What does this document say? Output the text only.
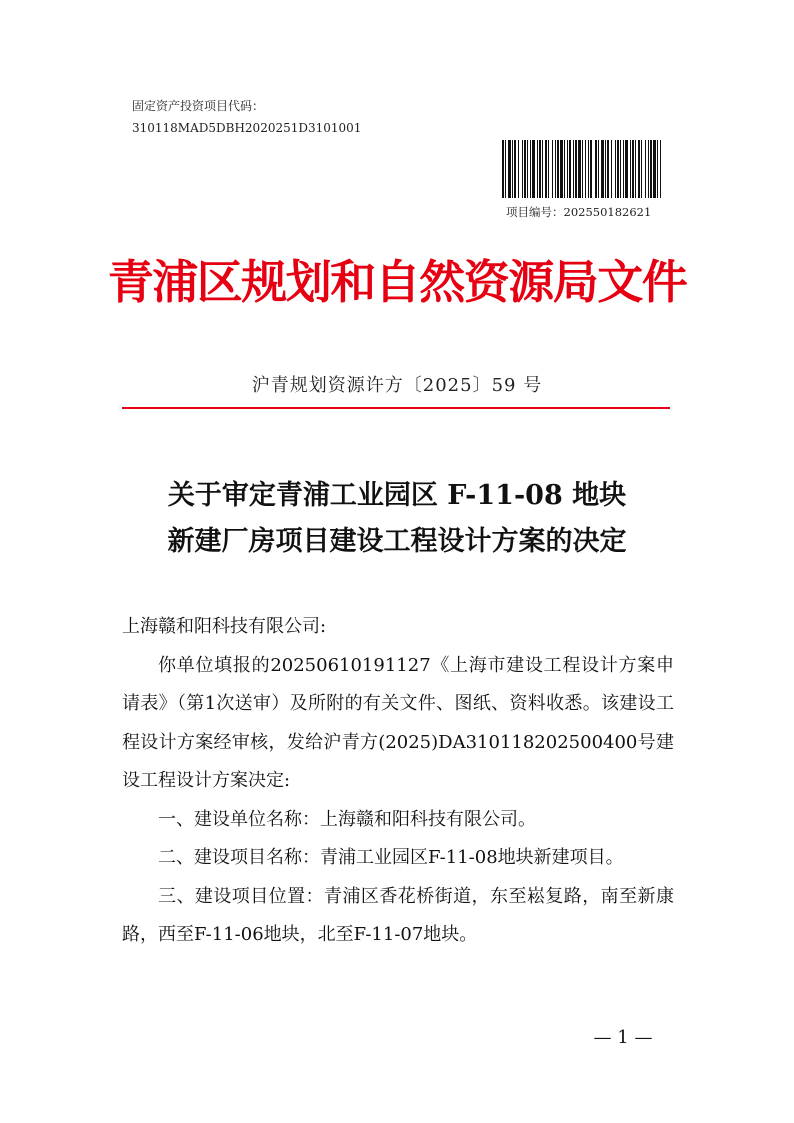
固定资产投资项目代码：
310118MAD5DBH2020251D3101001
项目编号：202550182621
青浦区规划和自然资源局文件
沪青规划资源许方〔2025〕59 号
关于审定青浦工业园区 F-11-08 地块
新建厂房项目建设工程设计方案的决定

上海赣和阳科技有限公司:

你单位填报的20250610191127《上海市建设工程设计方案申请表》（第1次送审）及所附的有关文件、图纸、资料收悉。该建设工程设计方案经审核，发给沪青方(2025)DA310118202500400号建设工程设计方案决定:

一、建设单位名称：上海赣和阳科技有限公司。

二、建设项目名称：青浦工业园区F-11-08地块新建项目。

三、建设项目位置：青浦区香花桥街道，东至崧复路，南至新康路，西至F-11-06地块，北至F-11-07地块。

— 1 —
